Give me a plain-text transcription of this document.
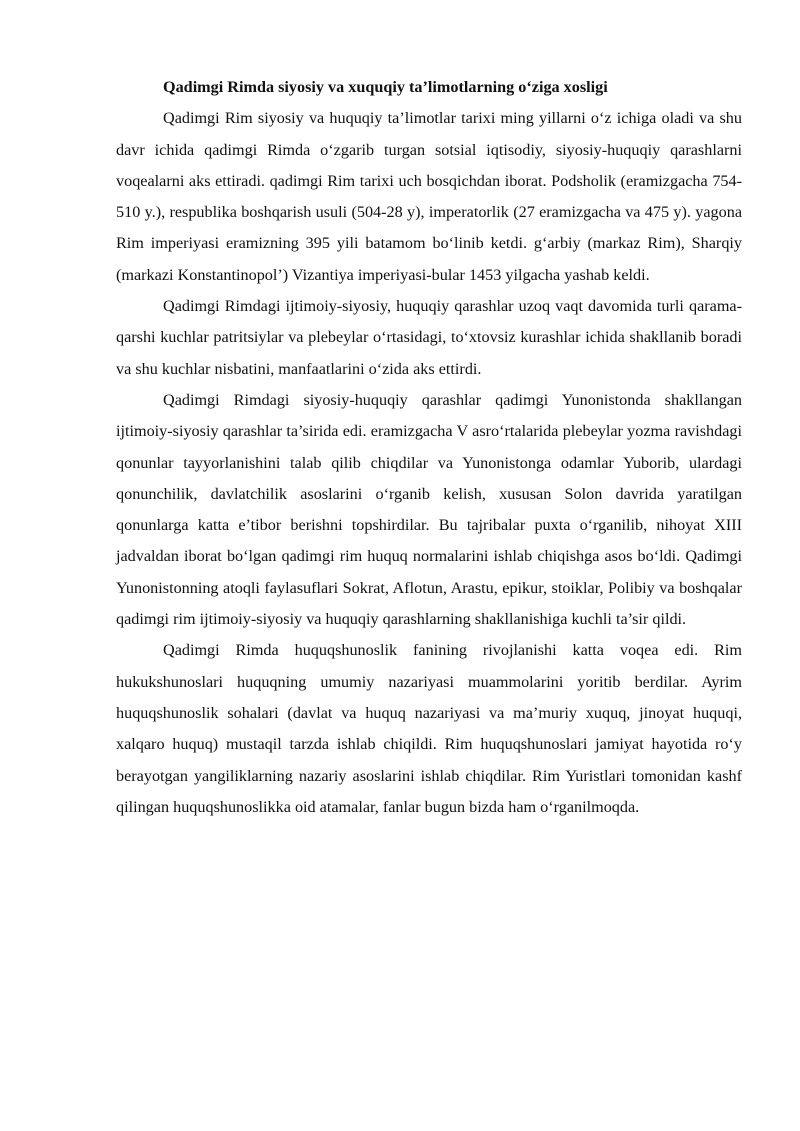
Qadimgi Rimda siyosiy va xuquqiy ta’limotlarning o‘ziga xosligi

Qadimgi Rim siyosiy va huquqiy ta’limotlar tarixi ming yillarni o‘z ichiga oladi va shu davr ichida qadimgi Rimda o‘zgarib turgan sotsial iqtisodiy, siyosiy-huquqiy qarashlarni voqealarni aks ettiradi. qadimgi Rim tarixi uch bosqichdan iborat. Podsholik (eramizgacha 754-510 y.), respublika boshqarish usuli (504-28 y), imperatorlik (27 eramizgacha va 475 y). yagona Rim imperiyasi eramizning 395 yili batamom bo‘linib ketdi. g‘arbiy (markaz Rim), Sharqiy (markazi Konstantinopol’) Vizantiya imperiyasi-bular 1453 yilgacha yashab keldi.

Qadimgi Rimdagi ijtimoiy-siyosiy, huquqiy qarashlar uzoq vaqt davomida turli qarama-qarshi kuchlar patritsiylar va plebeylar o‘rtasidagi, to‘xtovsiz kurashlar ichida shakllanib boradi va shu kuchlar nisbatini, manfaatlarini o‘zida aks ettirdi.

Qadimgi Rimdagi siyosiy-huquqiy qarashlar qadimgi Yunonistonda shakllangan ijtimoiy-siyosiy qarashlar ta’sirida edi. eramizgacha V asro‘rtalarida plebeylar yozma ravishdagi qonunlar tayyorlanishini talab qilib chiqdilar va Yunonistonga odamlar Yuborib, ulardagi qonunchilik, davlatchilik asoslarini o‘rganib kelish, xususan Solon davrida yaratilgan qonunlarga katta e’tibor berishni topshirdilar. Bu tajribalar puxta o‘rganilib, nihoyat XIII jadvaldan iborat bo‘lgan qadimgi rim huquq normalarini ishlab chiqishga asos bo‘ldi. Qadimgi Yunonistonning atoqli faylasuflari Sokrat, Aflotun, Arastu, epikur, stoiklar, Polibiy va boshqalar qadimgi rim ijtimoiy-siyosiy va huquqiy qarashlarning shakllanishiga kuchli ta’sir qildi.

Qadimgi Rimda huquqshunoslik fanining rivojlanishi katta voqea edi. Rim hukukshunoslari huquqning umumiy nazariyasi muammolarini yoritib berdilar. Ayrim huquqshunoslik sohalari (davlat va huquq nazariyasi va ma’muriy xuquq, jinoyat huquqi, xalqaro huquq) mustaqil tarzda ishlab chiqildi. Rim huquqshunoslari jamiyat hayotida ro‘y berayotgan yangiliklarning nazariy asoslarini ishlab chiqdilar. Rim Yuristlari tomonidan kashf qilingan huquqshunoslikka oid atamalar, fanlar bugun bizda ham o‘rganilmoqda.
